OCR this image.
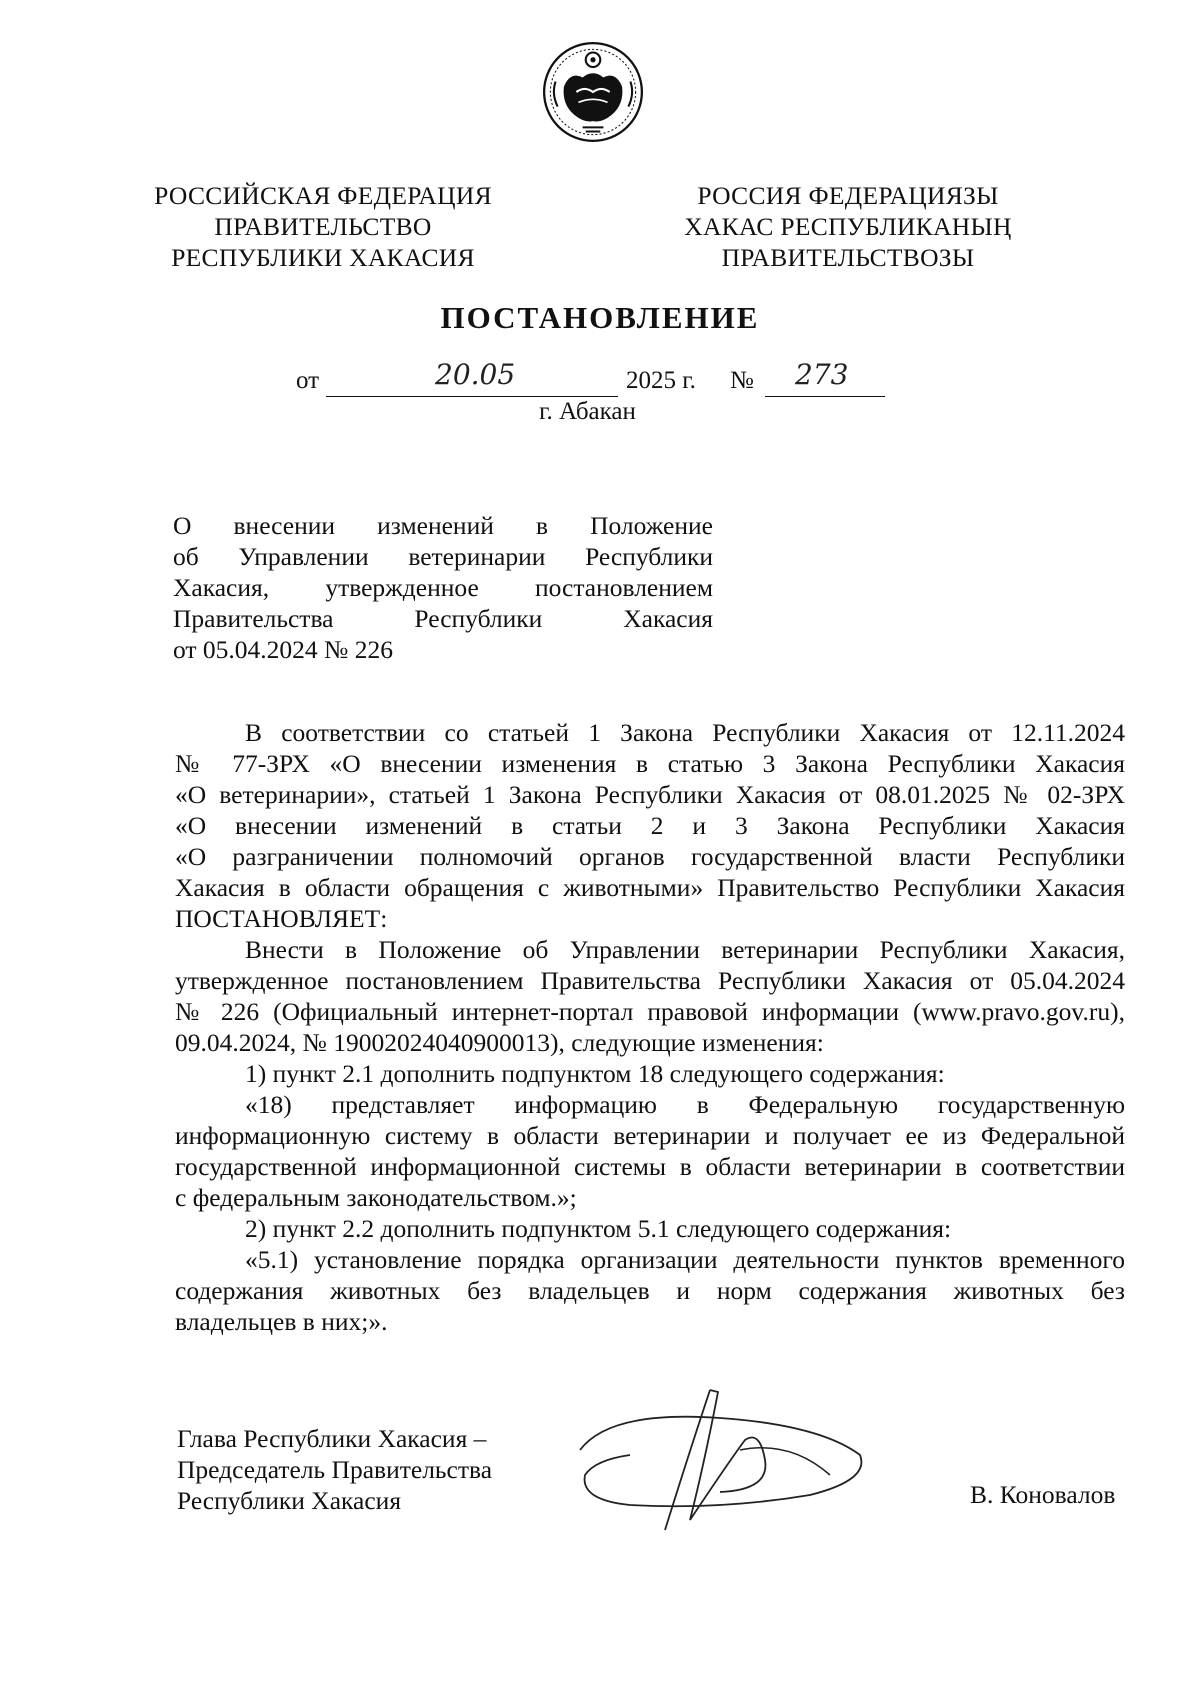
РОССИЙСКАЯ ФЕДЕРАЦИЯ
ПРАВИТЕЛЬСТВО
РЕСПУБЛИКИ ХАКАСИЯ
РОССИЯ ФЕДЕРАЦИЯЗЫ
ХАКАС РЕСПУБЛИКАНЫҢ
ПРАВИТЕЛЬСТВОЗЫ
ПОСТАНОВЛЕНИЕ
от	20.05	2025 г. № 273
г. Абакан
О внесении изменений в Положение
об Управлении ветеринарии Республики
Хакасия, утвержденное постановлением
Правительства Республики Хакасия
от 05.04.2024 № 226
В соответствии со статьей 1 Закона Республики Хакасия от 12.11.2024
№ 77-ЗРХ «О внесении изменения в статью 3 Закона Республики Хакасия
«О ветеринарии», статьей 1 Закона Республики Хакасия от 08.01.2025 № 02-ЗРХ
«О внесении изменений в статьи 2 и 3 Закона Республики Хакасия
«О разграничении полномочий органов государственной власти Республики
Хакасия в области обращения с животными» Правительство Республики Хакасия
ПОСТАНОВЛЯЕТ:
Внести в Положение об Управлении ветеринарии Республики Хакасия,
утвержденное постановлением Правительства Республики Хакасия от 05.04.2024
№ 226 (Официальный интернет-портал правовой информации (www.pravo.gov.ru),
09.04.2024, № 19002024040900013), следующие изменения:
1) пункт 2.1 дополнить подпунктом 18 следующего содержания:
«18) представляет информацию в Федеральную государственную
информационную систему в области ветеринарии и получает ее из Федеральной
государственной информационной системы в области ветеринарии в соответствии
с федеральным законодательством.»;
2) пункт 2.2 дополнить подпунктом 5.1 следующего содержания:
«5.1) установление порядка организации деятельности пунктов временного
содержания животных без владельцев и норм содержания животных без
владельцев в них;».
Глава Республики Хакасия –
Председатель Правительства
Республики Хакасия	В. Коновалов
